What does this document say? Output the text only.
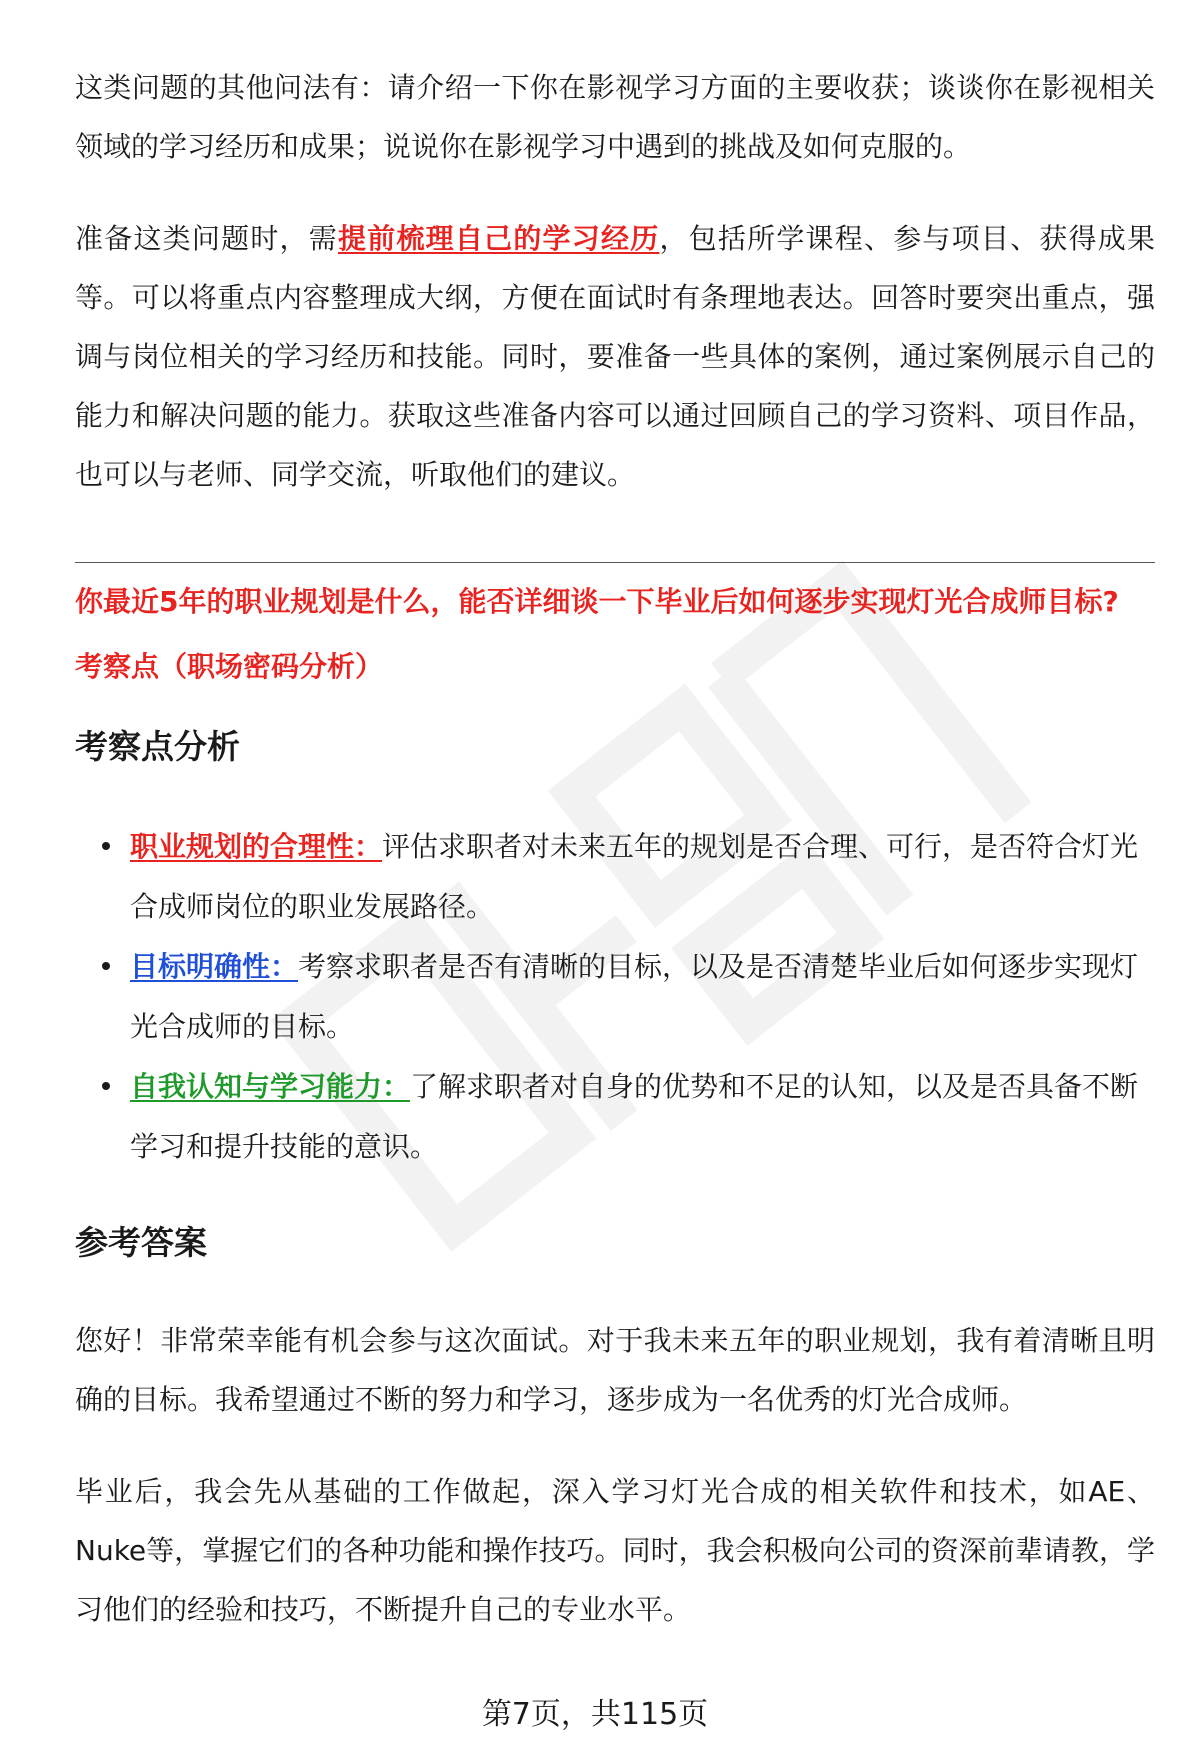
这类问题的其他问法有：请介绍一下你在影视学习方面的主要收获；谈谈你在影视相关领域的学习经历和成果；说说你在影视学习中遇到的挑战及如何克服的。

准备这类问题时，需提前梳理自己的学习经历，包括所学课程、参与项目、获得成果等。可以将重点内容整理成大纲，方便在面试时有条理地表达。回答时要突出重点，强调与岗位相关的学习经历和技能。同时，要准备一些具体的案例，通过案例展示自己的能力和解决问题的能力。获取这些准备内容可以通过回顾自己的学习资料、项目作品，也可以与老师、同学交流，听取他们的建议。

你最近5年的职业规划是什么，能否详细谈一下毕业后如何逐步实现灯光合成师目标?

考察点（职场密码分析）

考察点分析
职业规划的合理性：评估求职者对未来五年的规划是否合理、可行，是否符合灯光合成师岗位的职业发展路径。
目标明确性：考察求职者是否有清晰的目标，以及是否清楚毕业后如何逐步实现灯光合成师的目标。
自我认知与学习能力：了解求职者对自身的优势和不足的认知，以及是否具备不断学习和提升技能的意识。
参考答案

您好！非常荣幸能有机会参与这次面试。对于我未来五年的职业规划，我有着清晰且明确的目标。我希望通过不断的努力和学习，逐步成为一名优秀的灯光合成师。

毕业后，我会先从基础的工作做起，深入学习灯光合成的相关软件和技术，如AE、Nuke等，掌握它们的各种功能和操作技巧。同时，我会积极向公司的资深前辈请教，学习他们的经验和技巧，不断提升自己的专业水平。

第7页，共115页
